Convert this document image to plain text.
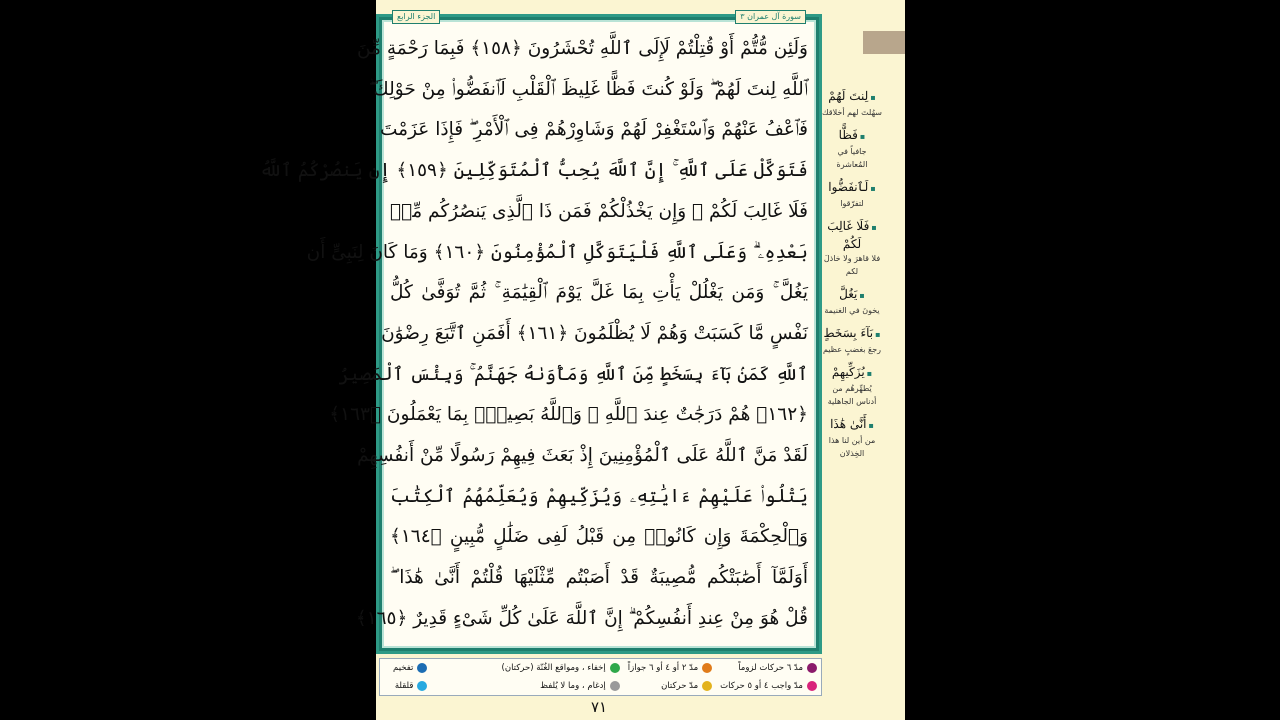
سورة آل عمران ٣
الجزء الرابع
وَلَئِن مُّتُّمْ أَوْ قُتِلْتُمْ لَإِلَى ٱللَّهِ تُحْشَرُونَ ﴿١٥٨﴾ فَبِمَا رَحْمَةٍ مِّنَ
ٱللَّهِ لِنتَ لَهُمْ ۖ وَلَوْ كُنتَ فَظًّا غَلِيظَ ٱلْقَلْبِ لَٱنفَضُّوا۟ مِنْ حَوْلِكَ ۖ
فَٱعْفُ عَنْهُمْ وَٱسْتَغْفِرْ لَهُمْ وَشَاوِرْهُمْ فِى ٱلْأَمْرِ ۖ فَإِذَا عَزَمْتَ
فَتَوَكَّلْ عَلَى ٱللَّهِ ۚ إِنَّ ٱللَّهَ يُحِبُّ ٱلْمُتَوَكِّلِينَ ﴿١٥٩﴾ إِن يَنصُرْكُمُ ٱللَّهُ
فَلَا غَالِبَ لَكُمْ ۖ وَإِن يَخْذُلْكُمْ فَمَن ذَا ٱلَّذِى يَنصُرُكُم مِّنۢ
بَعْدِهِۦ ۗ وَعَلَى ٱللَّهِ فَلْيَتَوَكَّلِ ٱلْمُؤْمِنُونَ ﴿١٦٠﴾ وَمَا كَانَ لِنَبِىٍّ أَن
يَغُلَّ ۚ وَمَن يَغْلُلْ يَأْتِ بِمَا غَلَّ يَوْمَ ٱلْقِيَٰمَةِ ۚ ثُمَّ تُوَفَّىٰ كُلُّ
نَفْسٍ مَّا كَسَبَتْ وَهُمْ لَا يُظْلَمُونَ ﴿١٦١﴾ أَفَمَنِ ٱتَّبَعَ رِضْوَٰنَ
ٱللَّهِ كَمَنۢ بَآءَ بِسَخَطٍ مِّنَ ٱللَّهِ وَمَأْوَىٰهُ جَهَنَّمُ ۚ وَبِئْسَ ٱلْمَصِيرُ
﴿١٦٢﴾ هُمْ دَرَجَٰتٌ عِندَ ٱللَّهِ ۗ وَٱللَّهُ بَصِيرٌۢ بِمَا يَعْمَلُونَ ﴿١٦٣﴾
لَقَدْ مَنَّ ٱللَّهُ عَلَى ٱلْمُؤْمِنِينَ إِذْ بَعَثَ فِيهِمْ رَسُولًا مِّنْ أَنفُسِهِمْ
يَتْلُوا۟ عَلَيْهِمْ ءَايَٰتِهِۦ وَيُزَكِّيهِمْ وَيُعَلِّمُهُمُ ٱلْكِتَٰبَ
وَٱلْحِكْمَةَ وَإِن كَانُوا۟ مِن قَبْلُ لَفِى ضَلَٰلٍ مُّبِينٍ ﴿١٦٤﴾
أَوَلَمَّآ أَصَٰبَتْكُم مُّصِيبَةٌ قَدْ أَصَبْتُم مِّثْلَيْهَا قُلْتُمْ أَنَّىٰ هَٰذَا ۖ
قُلْ هُوَ مِنْ عِندِ أَنفُسِكُمْ ۗ إِنَّ ٱللَّهَ عَلَىٰ كُلِّ شَىْءٍ قَدِيرٌ ﴿١٦٥﴾
▪ لِنتَ لَهُمْ
سهُلتَ لهم أخلاقك
▪ فَظًّا
جافياً في المُعاشرة
▪ لَٱنفَضُّوا
لتفرّقوا
▪ فَلَا غَالِبَ لَكُمْ
فلا قاهرَ ولا خاذلَ لكم
▪ يَغُلَّ
يخونَ في الغنيمة
▪ بَآءَ بِسَخَطٍ
رجعَ بغضبٍ عظيم
▪ يُزَكِّيهِمْ
يُطهِّرهُم من أدناس الجاهلية
▪ أَنَّىٰ هَٰذَا
من أين لنا هذا الخِذلان
مدّ ٦ حركات لزوماً
مدّ ٢ أو ٤ أو ٦ جوازاً
إخفاء ، ومواقع الغُنّة (حركتان)
تفخيم
مدّ واجب ٤ أو ٥ حركات
مدّ حركتان
إدغام ، وما لا يُلفظ
قلقلة
٧١
